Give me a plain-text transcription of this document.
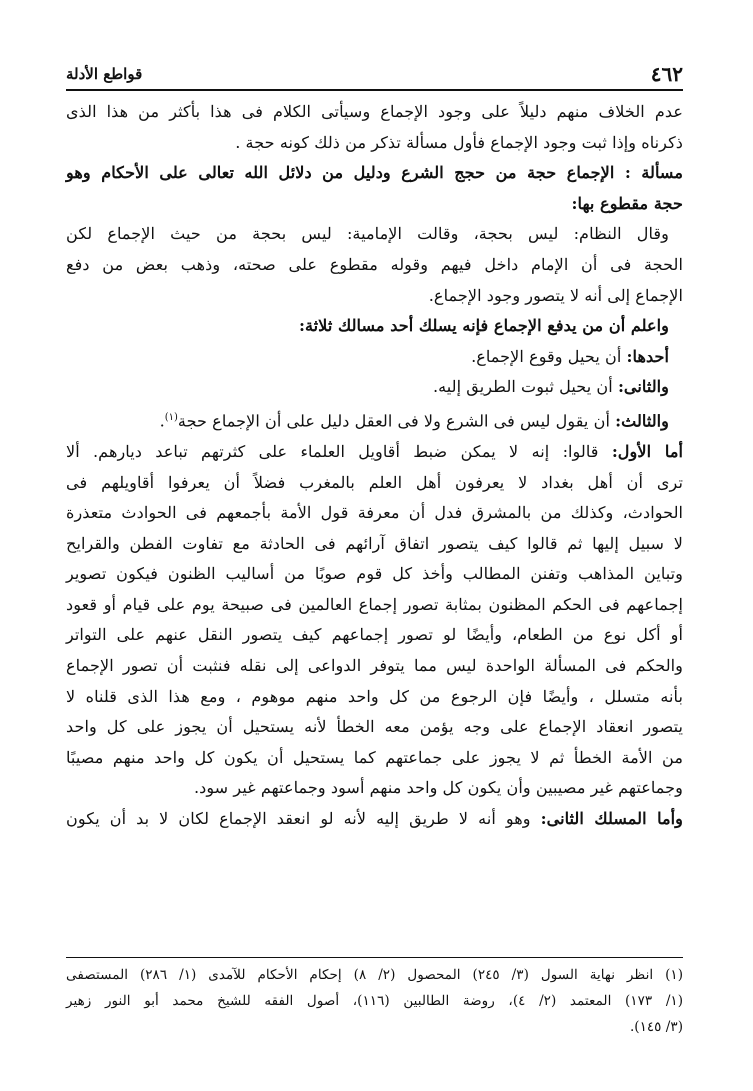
٤٦٢
قواطع الأدلة

عدم الخلاف منهم دليلاً على وجود الإجماع وسيأتى الكلام فى هذا بأكثر من هذا الذى
ذكرناه وإذا ثبت وجود الإجماع فأول مسألة تذكر من ذلك كونه حجة .

مسألة : الإجماع حجة من حجج الشرع ودليل من دلائل الله تعالى على الأحكام وهو
حجة مقطوع بها:

وقال النظام: ليس بحجة، وقالت الإمامية: ليس بحجة من حيث الإجماع لكن
الحجة فى أن الإمام داخل فيهم وقوله مقطوع على صحته، وذهب بعض من دفع
الإجماع إلى أنه لا يتصور وجود الإجماع.

واعلم أن من يدفع الإجماع فإنه يسلك أحد مسالك ثلاثة:

أحدها: أن يحيل وقوع الإجماع.

والثانى: أن يحيل ثبوت الطريق إليه.

والثالث: أن يقول ليس فى الشرع ولا فى العقل دليل على أن الإجماع حجة$^{(١)}$.

أما الأول: قالوا: إنه لا يمكن ضبط أقاويل العلماء على كثرتهم تباعد ديارهم. ألا
ترى أن أهل بغداد لا يعرفون أهل العلم بالمغرب فضلاً أن يعرفوا أقاويلهم فى
الحوادث، وكذلك من بالمشرق فدل أن معرفة قول الأمة بأجمعهم فى الحوادث متعذرة
لا سبيل إليها ثم قالوا كيف يتصور اتفاق آرائهم فى الحادثة مع تفاوت الفطن والقرايح
وتباين المذاهب وتفنن المطالب وأخذ كل قوم صوبًا من أساليب الظنون فيكون تصوير
إجماعهم فى الحكم المظنون بمثابة تصور إجماع العالمين فى صبيحة يوم على قيام أو قعود
أو أكل نوع من الطعام، وأيضًا لو تصور إجماعهم كيف يتصور النقل عنهم على التواتر
والحكم فى المسألة الواحدة ليس مما يتوفر الدواعى إلى نقله فنثبت أن تصور الإجماع
بأنه متسلل ، وأيضًا فإن الرجوع من كل واحد منهم موهوم ، ومع هذا الذى قلناه لا
يتصور انعقاد الإجماع على وجه يؤمن معه الخطأ لأنه يستحيل أن يجوز على كل واحد
من الأمة الخطأ ثم لا يجوز على جماعتهم كما يستحيل أن يكون كل واحد منهم مصيبًا
وجماعتهم غير مصيبين وأن يكون كل واحد منهم أسود وجماعتهم غير سود.

وأما المسلك الثانى: وهو أنه لا طريق إليه لأنه لو انعقد الإجماع لكان لا بد أن يكون

(١) انظر نهاية السول (٣/ ٢٤٥) المحصول (٢/ ٨) إحكام الأحكام للآمدى (١/ ٢٨٦) المستصفى
(١/ ١٧٣) المعتمد (٢/ ٤)، روضة الطالبين (١١٦)، أصول الفقه للشيخ محمد أبو النور زهير
(٣/ ١٤٥).
